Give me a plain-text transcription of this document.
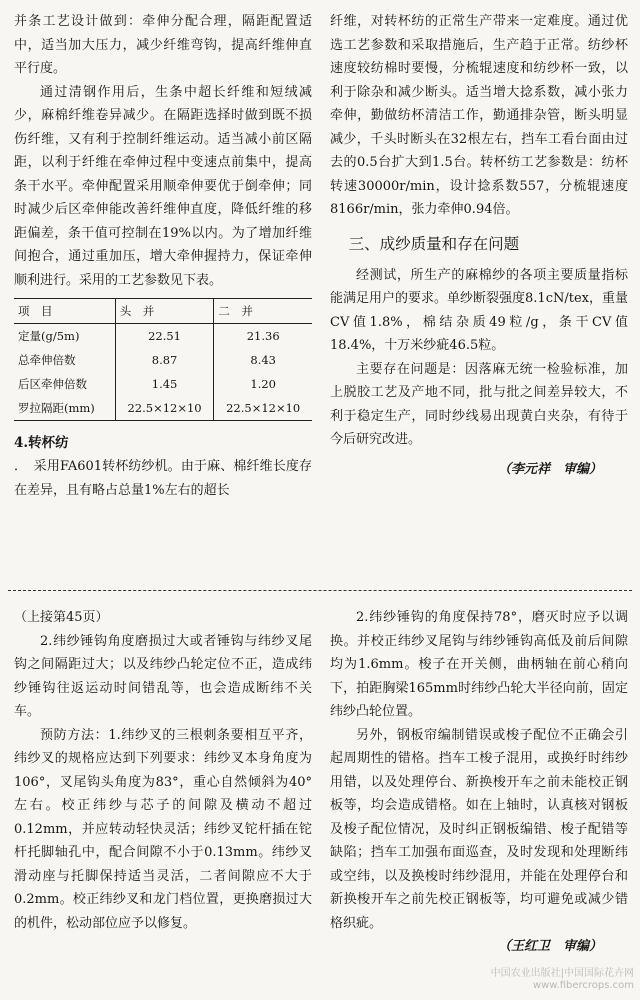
并条工艺设计做到：牵伸分配合理，隔距配置适中，适当加大压力，减少纤维弯钩，提高纤维伸直平行度。

通过清钢作用后，生条中超长纤维和短绒减少，麻棉纤维卷异减少。在隔距选择时做到既不损伤纤维，又有利于控制纤维运动。适当减小前区隔距，以利于纤维在牵伸过程中变速点前集中，提高条干水平。牵伸配置采用顺牵伸要优于倒牵伸；同时减少后区牵伸能改善纤维伸直度，降低纤维的移距偏差，条干值可控制在19%以内。为了增加纤维间抱合，通过重加压，增大牵伸握持力，保证牵伸顺利进行。采用的工艺参数见下表。

项　目	头　并	二　并
定量(g/5m)	22.51	21.36
总牵伸倍数	8.87	8.43
后区牵伸倍数	1.45	1.20
罗拉隔距(mm)	22.5×12×10	22.5×12×10
4.转杯纺

．　采用FA601转杯纺纱机。由于麻、棉纤维长度存在差异，且有略占总量1%左右的超长

纤维，对转杯纺的正常生产带来一定难度。通过优选工艺参数和采取措施后，生产趋于正常。纺纱杯速度较纺棉时要慢，分梳辊速度和纺纱杯一致，以利于除杂和减少断头。适当增大捻系数，减小张力牵伸，勤做纺杯清洁工作，勤通排杂管，断头明显减少，千头时断头在32根左右，挡车工看台面由过去的0.5台扩大到1.5台。转杯纺工艺参数是：纺杯转速30000r/min，设计捻系数557，分梳辊速度8166r/min，张力牵伸0.94倍。

三、成纱质量和存在问题

经测试，所生产的麻棉纱的各项主要质量指标能满足用户的要求。单纱断裂强度8.1cN/tex，重量CV值1.8%，棉结杂质49粒/g，条干CV值18.4%，十万米纱疵46.5粒。

主要存在问题是：因落麻无统一检验标准，加上脱胶工艺及产地不同，批与批之间差异较大，不利于稳定生产，同时纱线易出现黄白夹杂，有待于今后研究改进。

（李元祥　审编）

（上接第45页）

2.纬纱锤钩角度磨损过大或者锤钩与纬纱叉尾钩之间隔距过大；以及纬纱凸轮定位不正，造成纬纱锤钩往返运动时间错乱等，也会造成断纬不关车。

预防方法：1.纬纱叉的三根刺条要相互平齐，纬纱叉的规格应达到下列要求：纬纱叉本身角度为106°，叉尾钩头角度为83°，重心自然倾斜为40°左右。校正纬纱与芯子的间隙及横动不超过0.12mm，并应转动轻快灵活；纬纱叉铊杆插在铊杆托脚轴孔中，配合间隙不小于0.13mm。纬纱叉滑动座与托脚保持适当灵活，二者间隙应不大于0.2mm。校正纬纱叉和龙门档位置，更换磨损过大的机件，松动部位应予以修复。

2.纬纱锤钩的角度保持78°，磨灭时应予以调换。并校正纬纱叉尾钩与纬纱锤钩高低及前后间隙均为1.6mm。梭子在开关侧，曲柄轴在前心稍向下，拍距胸梁165mm时纬纱凸轮大半径向前，固定纬纱凸轮位置。

另外，钢板帘编制错误或梭子配位不正确会引起周期性的错格。挡车工梭子混用，或换纡时纬纱用错，以及处理停台、新换梭开车之前未能校正钢板等，均会造成错格。如在上轴时，认真核对钢板及梭子配位情况，及时纠正钢板编错、梭子配错等缺陷；挡车工加强布面巡查，及时发现和处理断纬或空纬，以及换梭时纬纱混用，并能在处理停台和新换梭开车之前先校正钢板等，均可避免或减少错格织疵。

（王红卫　审编）
中国农业出版社|中国国际花卉网
www.fibercrops.com
